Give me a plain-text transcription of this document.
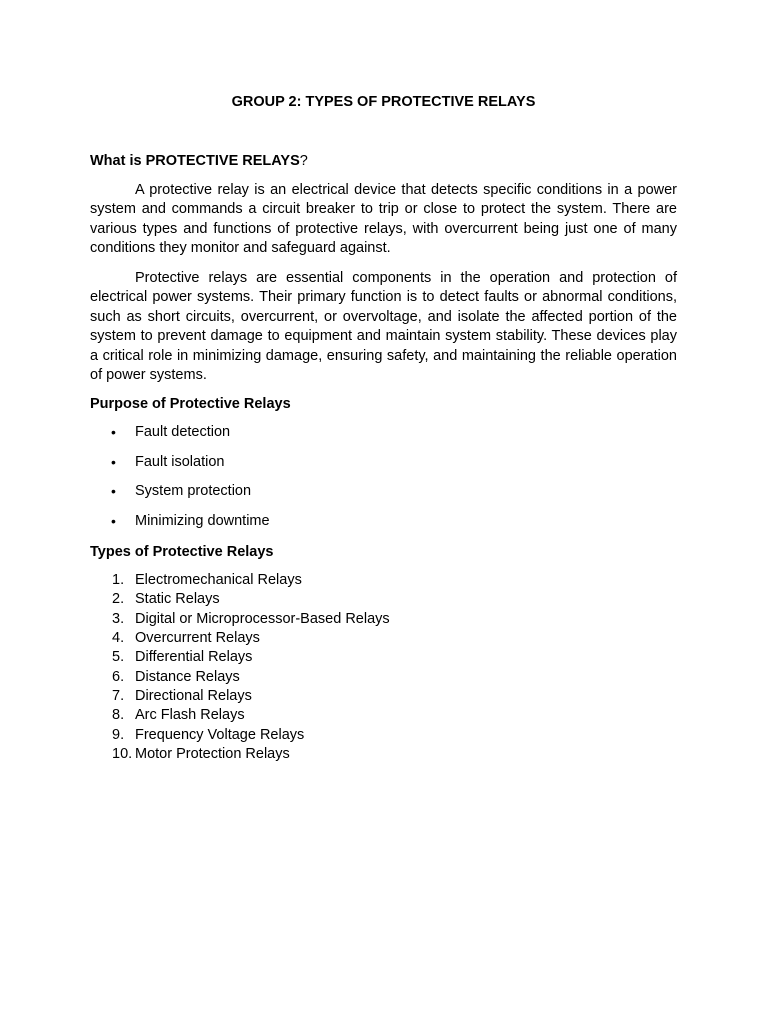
GROUP 2: TYPES OF PROTECTIVE RELAYS
What is PROTECTIVE RELAYS?

A protective relay is an electrical device that detects specific conditions in a power system and commands a circuit breaker to trip or close to protect the system. There are various types and functions of protective relays, with overcurrent being just one of many conditions they monitor and safeguard against.

Protective relays are essential components in the operation and protection of electrical power systems. Their primary function is to detect faults or abnormal conditions, such as short circuits, overcurrent, or overvoltage, and isolate the affected portion of the system to prevent damage to equipment and maintain system stability. These devices play a critical role in minimizing damage, ensuring safety, and maintaining the reliable operation of power systems.

Purpose of Protective Relays
• Fault detection
• Fault isolation
• System protection
• Minimizing downtime
Types of Protective Relays
1. Electromechanical Relays
2. Static Relays
3. Digital or Microprocessor-Based Relays
4. Overcurrent Relays
5. Differential Relays
6. Distance Relays
7. Directional Relays
8. Arc Flash Relays
9. Frequency Voltage Relays
10. Motor Protection Relays
